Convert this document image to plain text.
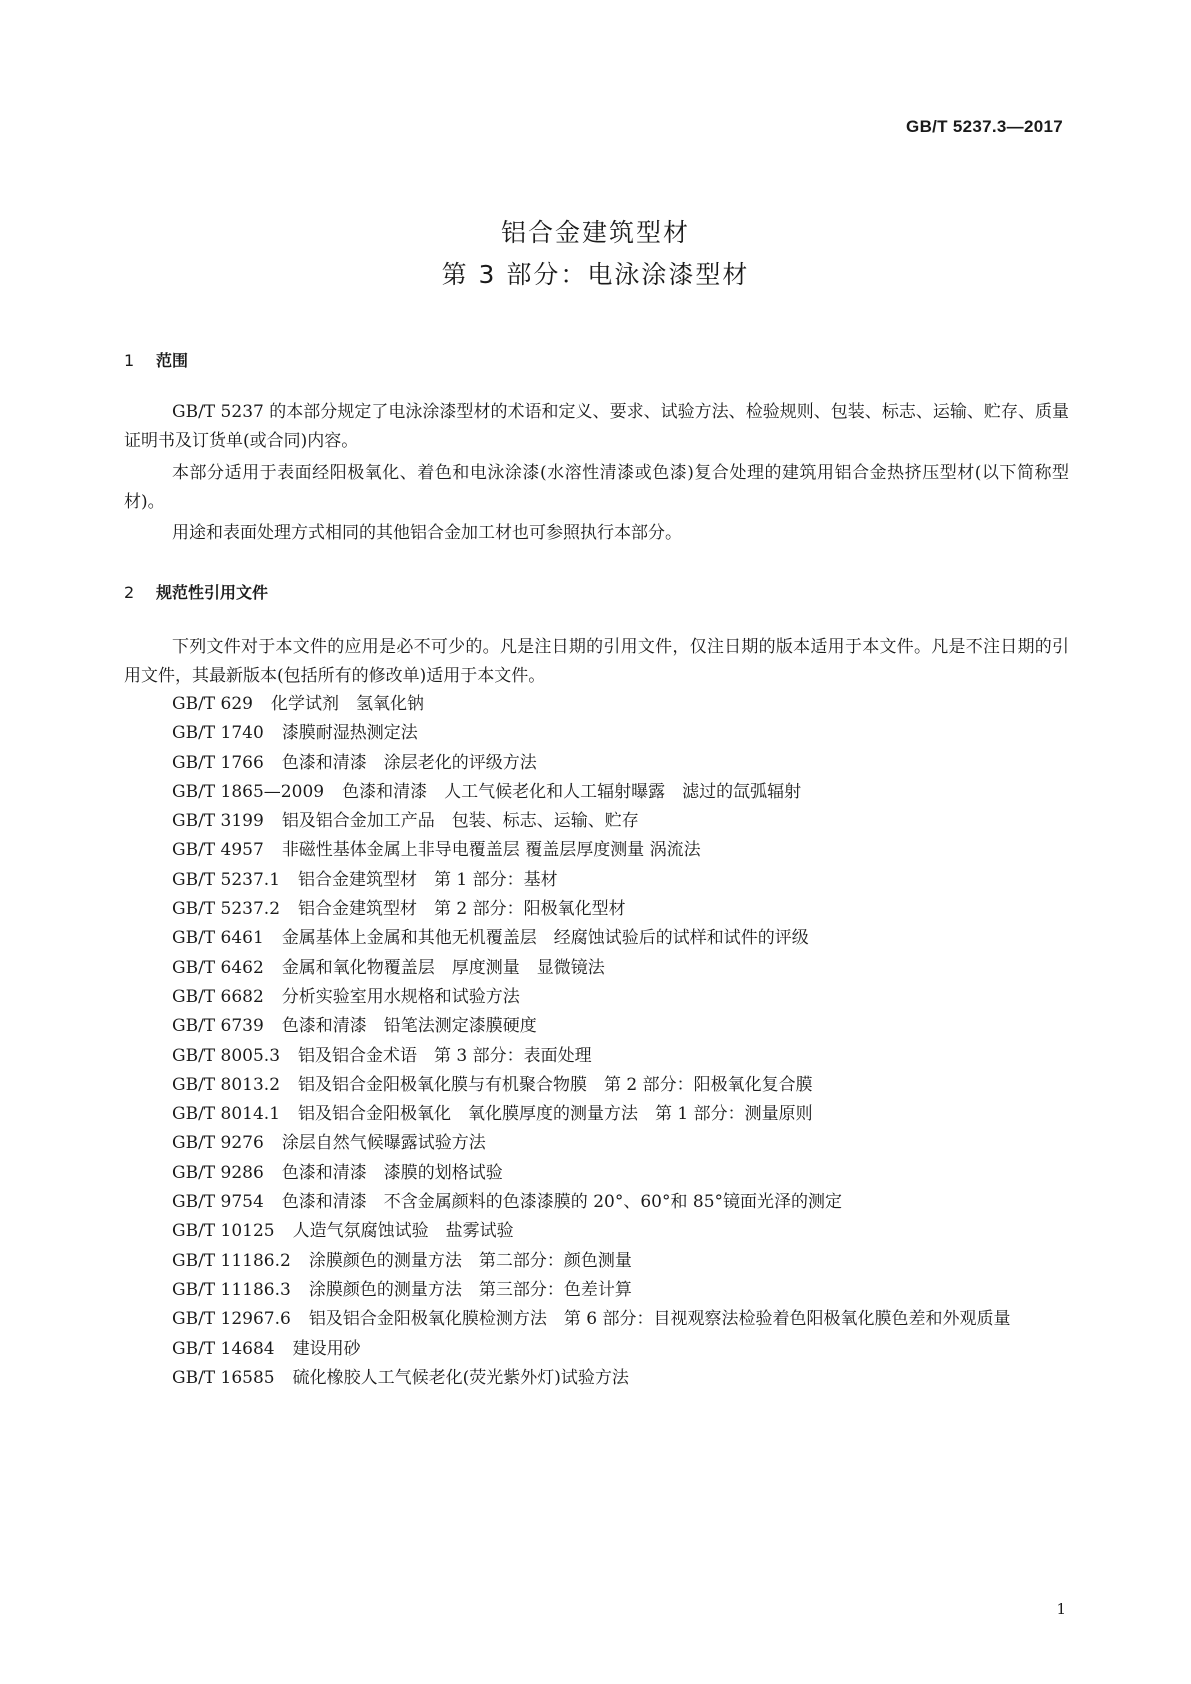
GB/T 5237.3—2017
铝合金建筑型材
第 3 部分：电泳涂漆型材
1 范围

GB/T 5237 的本部分规定了电泳涂漆型材的术语和定义、要求、试验方法、检验规则、包装、标志、运输、贮存、质量证明书及订货单(或合同)内容。

本部分适用于表面经阳极氧化、着色和电泳涂漆(水溶性清漆或色漆)复合处理的建筑用铝合金热挤压型材(以下简称型材)。

用途和表面处理方式相同的其他铝合金加工材也可参照执行本部分。

2 规范性引用文件

下列文件对于本文件的应用是必不可少的。凡是注日期的引用文件，仅注日期的版本适用于本文件。凡是不注日期的引用文件，其最新版本(包括所有的修改单)适用于本文件。

GB/T 629 化学试剂　氢氧化钠
GB/T 1740 漆膜耐湿热测定法
GB/T 1766 色漆和清漆　涂层老化的评级方法
GB/T 1865—2009 色漆和清漆　人工气候老化和人工辐射曝露　滤过的氙弧辐射
GB/T 3199 铝及铝合金加工产品　包装、标志、运输、贮存
GB/T 4957 非磁性基体金属上非导电覆盖层 覆盖层厚度测量 涡流法
GB/T 5237.1 铝合金建筑型材　第 1 部分：基材
GB/T 5237.2 铝合金建筑型材　第 2 部分：阳极氧化型材
GB/T 6461 金属基体上金属和其他无机覆盖层　经腐蚀试验后的试样和试件的评级
GB/T 6462 金属和氧化物覆盖层　厚度测量　显微镜法
GB/T 6682 分析实验室用水规格和试验方法
GB/T 6739 色漆和清漆　铅笔法测定漆膜硬度
GB/T 8005.3 铝及铝合金术语　第 3 部分：表面处理
GB/T 8013.2 铝及铝合金阳极氧化膜与有机聚合物膜　第 2 部分：阳极氧化复合膜
GB/T 8014.1 铝及铝合金阳极氧化　氧化膜厚度的测量方法　第 1 部分：测量原则
GB/T 9276 涂层自然气候曝露试验方法
GB/T 9286 色漆和清漆　漆膜的划格试验
GB/T 9754 色漆和清漆　不含金属颜料的色漆漆膜的 20°、60°和 85°镜面光泽的测定
GB/T 10125 人造气氛腐蚀试验　盐雾试验
GB/T 11186.2 涂膜颜色的测量方法　第二部分：颜色测量
GB/T 11186.3 涂膜颜色的测量方法　第三部分：色差计算
GB/T 12967.6 铝及铝合金阳极氧化膜检测方法　第 6 部分：目视观察法检验着色阳极氧化膜色差和外观质量
GB/T 14684 建设用砂
GB/T 16585 硫化橡胶人工气候老化(荧光紫外灯)试验方法
1
